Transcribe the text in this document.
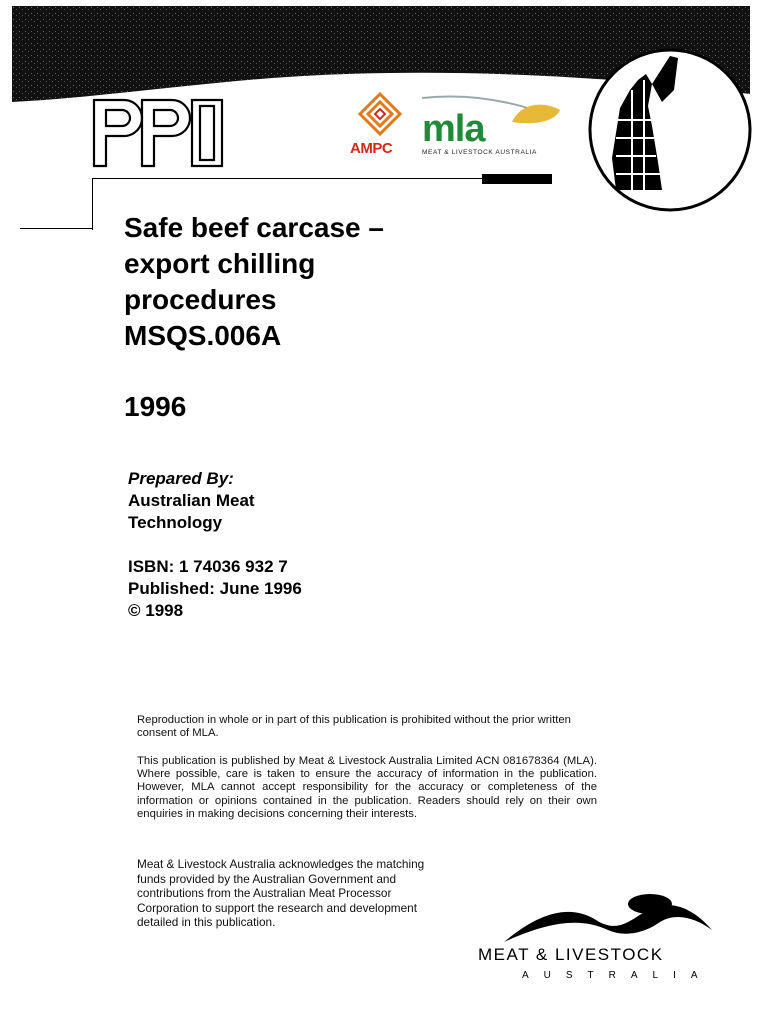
AMPC mla
MEAT & LIVESTOCK AUSTRALIA
Safe beef carcase –
export chilling
procedures
MSQS.006A
1996
Prepared By:
Australian Meat
Technology
ISBN: 1 74036 932 7
Published: June 1996
© 1998
Reproduction in whole or in part of this publication is prohibited without the prior written consent of MLA.
This publication is published by Meat & Livestock Australia Limited ACN 081678364 (MLA). Where possible, care is taken to ensure the accuracy of information in the publication. However, MLA cannot accept responsibility for the accuracy or completeness of the information or opinions contained in the publication. Readers should rely on their own enquiries in making decisions concerning their interests.
Meat & Livestock Australia acknowledges the matching funds provided by the Australian Government and contributions from the Australian Meat Processor Corporation to support the research and development detailed in this publication.
MEAT & LIVESTOCK
AUSTRALIA
